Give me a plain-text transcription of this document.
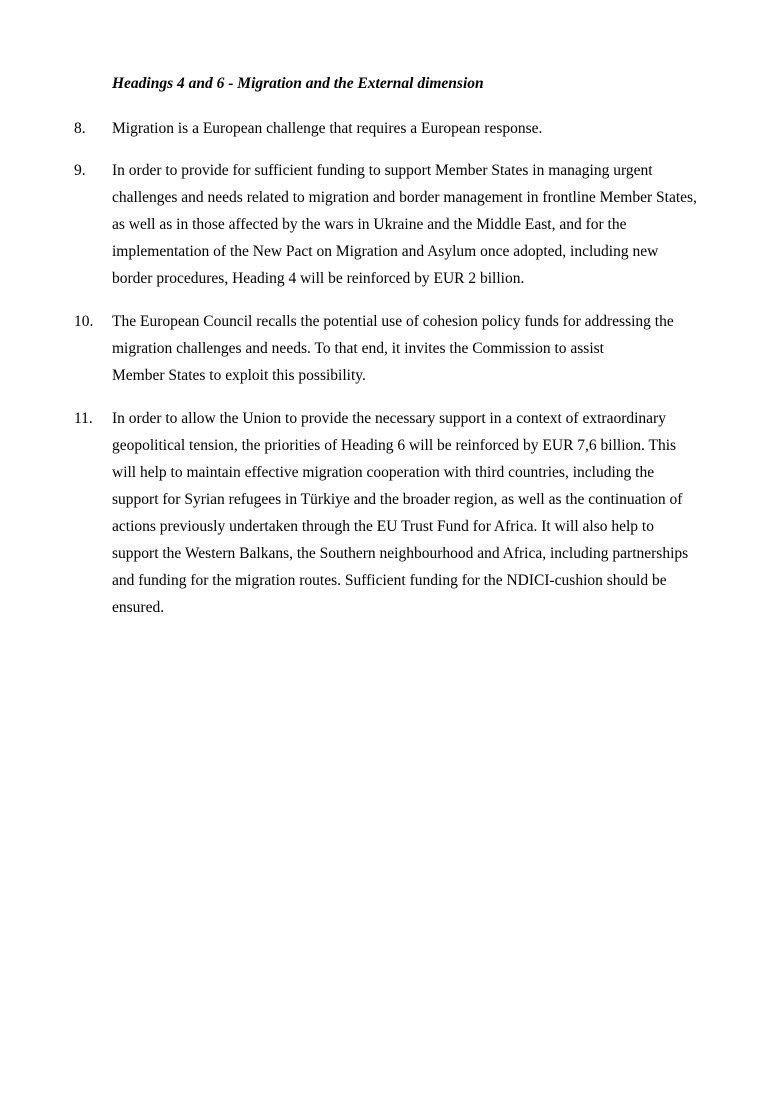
Headings 4 and 6 - Migration and the External dimension
8.	Migration is a European challenge that requires a European response.

9.	In order to provide for sufficient funding to support Member States in managing urgent
challenges and needs related to migration and border management in frontline Member States,
as well as in those affected by the wars in Ukraine and the Middle East, and for the
implementation of the New Pact on Migration and Asylum once adopted, including new
border procedures, Heading 4 will be reinforced by EUR 2 billion.

10.	The European Council recalls the potential use of cohesion policy funds for addressing the
migration challenges and needs. To that end, it invites the Commission to assist
Member States to exploit this possibility.

11.	In order to allow the Union to provide the necessary support in a context of extraordinary
geopolitical tension, the priorities of Heading 6 will be reinforced by EUR 7,6 billion. This
will help to maintain effective migration cooperation with third countries, including the
support for Syrian refugees in Türkiye and the broader region, as well as the continuation of
actions previously undertaken through the EU Trust Fund for Africa. It will also help to
support the Western Balkans, the Southern neighbourhood and Africa, including partnerships
and funding for the migration routes. Sufficient funding for the NDICI-cushion should be
ensured.
